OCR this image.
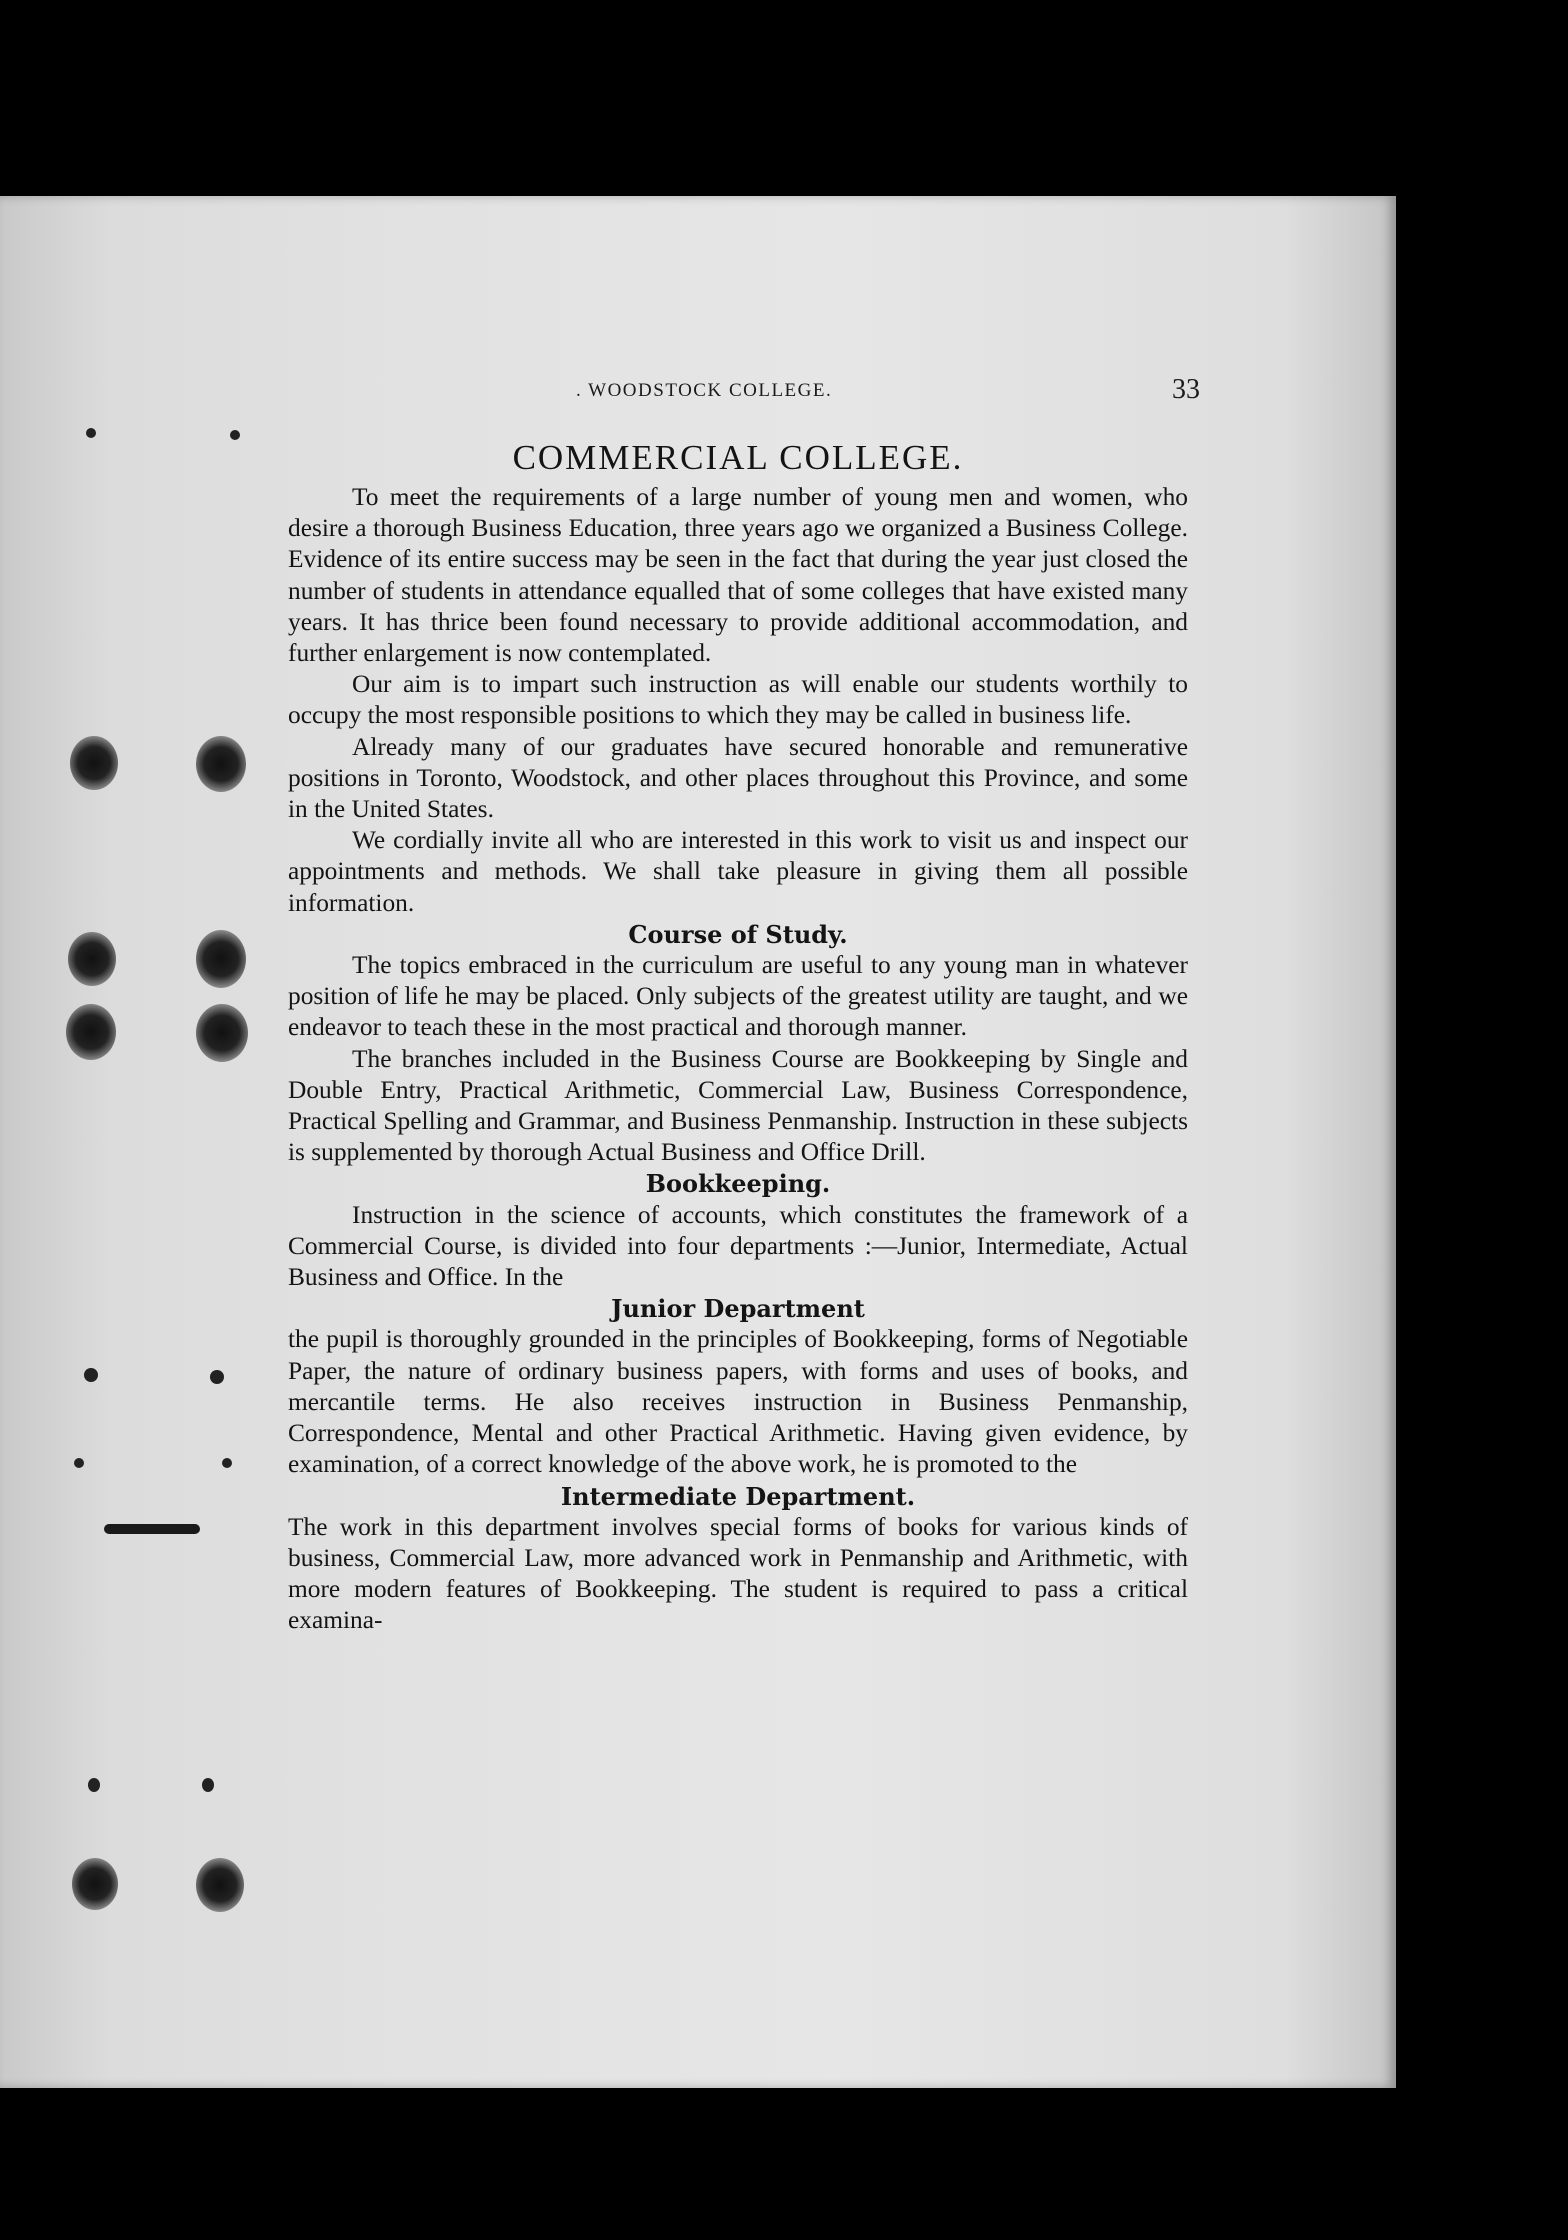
. WOODSTOCK COLLEGE.	33
COMMERCIAL COLLEGE.

To meet the requirements of a large number of young men and women, who desire a thorough Business Education, three years ago we organized a Business College. Evidence of its entire success may be seen in the fact that during the year just closed the number of students in attendance equalled that of some colleges that have existed many years. It has thrice been found necessary to provide additional accommodation, and further enlargement is now contemplated.

Our aim is to impart such instruction as will enable our students worthily to occupy the most responsible positions to which they may be called in business life.

Already many of our graduates have secured honorable and remunerative positions in Toronto, Woodstock, and other places throughout this Province, and some in the United States.

We cordially invite all who are interested in this work to visit us and inspect our appointments and methods. We shall take pleasure in giving them all possible information.

Course of Study.

The topics embraced in the curriculum are useful to any young man in whatever position of life he may be placed. Only subjects of the greatest utility are taught, and we endeavor to teach these in the most practical and thorough manner.

The branches included in the Business Course are Bookkeeping by Single and Double Entry, Practical Arithmetic, Commercial Law, Business Correspondence, Practical Spelling and Grammar, and Business Penmanship. Instruction in these subjects is supplemented by thorough Actual Business and Office Drill.

Bookkeeping.

Instruction in the science of accounts, which constitutes the framework of a Commercial Course, is divided into four departments :—Junior, Intermediate, Actual Business and Office. In the

Junior Department

the pupil is thoroughly grounded in the principles of Bookkeeping, forms of Negotiable Paper, the nature of ordinary business papers, with forms and uses of books, and mercantile terms. He also receives instruction in Business Penmanship, Correspondence, Mental and other Practical Arithmetic. Having given evidence, by examination, of a correct knowledge of the above work, he is promoted to the

Intermediate Department.

The work in this department involves special forms of books for various kinds of business, Commercial Law, more advanced work in Penmanship and Arithmetic, with more modern features of Bookkeeping. The student is required to pass a critical examina-
